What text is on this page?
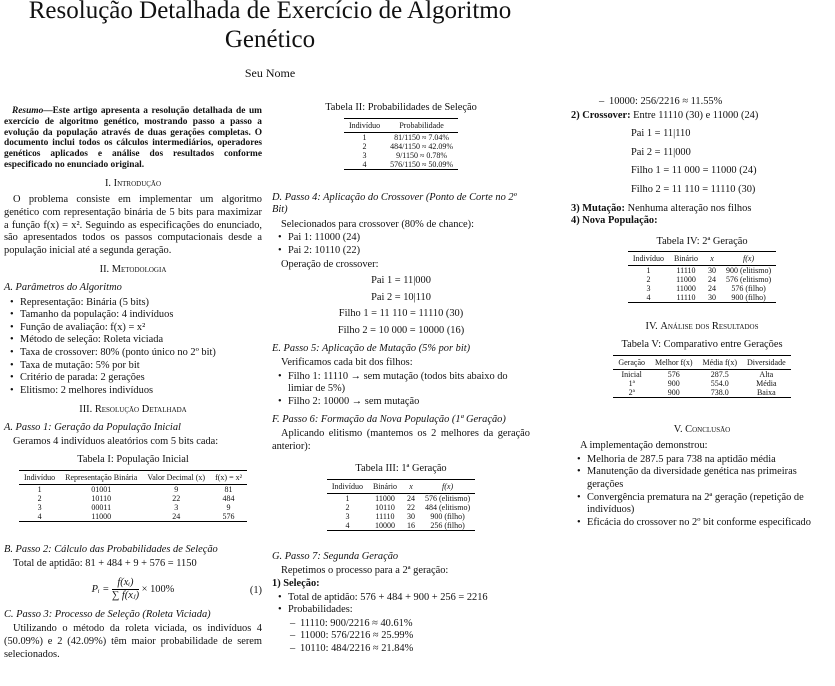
Resolução Detalhada de Exercício de Algoritmo
Genético
Seu Nome

Resumo—Este artigo apresenta a resolução detalhada de um exercício de algoritmo genético, mostrando passo a passo a evolução da população através de duas gerações completas. O documento inclui todos os cálculos intermediários, operadores genéticos aplicados e análise dos resultados conforme especificado no enunciado original.

I. Introdução

O problema consiste em implementar um algoritmo genético com representação binária de 5 bits para maximizar a função f(x) = x². Seguindo as especificações do enunciado, são apresentados todos os passos computacionais desde a população inicial até a segunda geração.

II. Metodologia
A. Parâmetros do Algoritmo
• Representação: Binária (5 bits)
• Tamanho da população: 4 indivíduos
• Função de avaliação: f(x) = x²
• Método de seleção: Roleta viciada
• Taxa de crossover: 80% (ponto único no 2º bit)
• Taxa de mutação: 5% por bit
• Critério de parada: 2 gerações
• Elitismo: 2 melhores indivíduos
III. Resolução Detalhada
A. Passo 1: Geração da População Inicial

Geramos 4 indivíduos aleatórios com 5 bits cada:

Tabela I: População Inicial
Indivíduo	Representação Binária	Valor Decimal (x)	f(x) = x²
1	01001	9	81
2	10110	22	484
3	00011	3	9
4	11000	24	576
B. Passo 2: Cálculo das Probabilidades de Seleção

Total de aptidão: 81 + 484 + 9 + 576 = 1150

Pᵢ = $\frac{\text{f(xᵢ)}}{\text{∑ f(xⱼ)}} \times 100\%$	(1)
C. Passo 3: Processo de Seleção (Roleta Viciada)

Utilizando o método da roleta viciada, os indivíduos 4 (50.09%) e 2 (42.09%) têm maior probabilidade de serem selecionados.

Tabela II: Probabilidades de Seleção
Indivíduo	Probabilidade
1	81/1150 ≈ 7.04%
2	484/1150 ≈ 42.09%
3	9/1150 ≈ 0.78%
4	576/1150 ≈ 50.09%
D. Passo 4: Aplicação do Crossover (Ponto de Corte no 2º Bit)

Selecionados para crossover (80% de chance):

• Pai 1: 11000 (24)
• Pai 2: 10110 (22)

Operação de crossover:

Pai 1 = 11|000
Pai 2 = 10|110
Filho 1 = 11 110 = 11110 (30)
Filho 2 = 10 000 = 10000 (16)
E. Passo 5: Aplicação de Mutação (5% por bit)

Verificamos cada bit dos filhos:

• Filho 1: 11110 → sem mutação (todos bits abaixo do limiar de 5%)
• Filho 2: 10000 → sem mutação
F. Passo 6: Formação da Nova População (1ª Geração)

Aplicando elitismo (mantemos os 2 melhores da geração anterior):

Tabela III: 1ª Geração
Indivíduo	Binário	x	f(x)
1	11000	24	576 (elitismo)
2	10110	22	484 (elitismo)
3	11110	30	900 (filho)
4	10000	16	256 (filho)
G. Passo 7: Segunda Geração

Repetimos o processo para a 2ª geração:

1) Seleção:
• Total de aptidão: 576 + 484 + 900 + 256 = 2216
• Probabilidades:
– 11110: 900/2216 ≈ 40.61%
– 11000: 576/2216 ≈ 25.99%
– 10110: 484/2216 ≈ 21.84%
– 10000: 256/2216 ≈ 11.55%
2) Crossover: Entre 11110 (30) e 11000 (24)
Pai 1 = 11|110
Pai 2 = 11|000
Filho 1 = 11 000 = 11000 (24)
Filho 2 = 11 110 = 11110 (30)
3) Mutação: Nenhuma alteração nos filhos
4) Nova População:
Tabela IV: 2ª Geração
Indivíduo	Binário	x	f(x)
1	11110	30	900 (elitismo)
2	11000	24	576 (elitismo)
3	11000	24	576 (filho)
4	11110	30	900 (filho)
IV. Análise dos Resultados
Tabela V: Comparativo entre Gerações
Geração	Melhor f(x)	Média f(x)	Diversidade
Inicial	576	287.5	Alta
1ª	900	554.0	Média
2ª	900	738.0	Baixa
V. Conclusão

A implementação demonstrou:

• Melhoria de 287.5 para 738 na aptidão média
• Manutenção da diversidade genética nas primeiras gerações
• Convergência prematura na 2ª geração (repetição de indivíduos)
• Eficácia do crossover no 2º bit conforme especificado
